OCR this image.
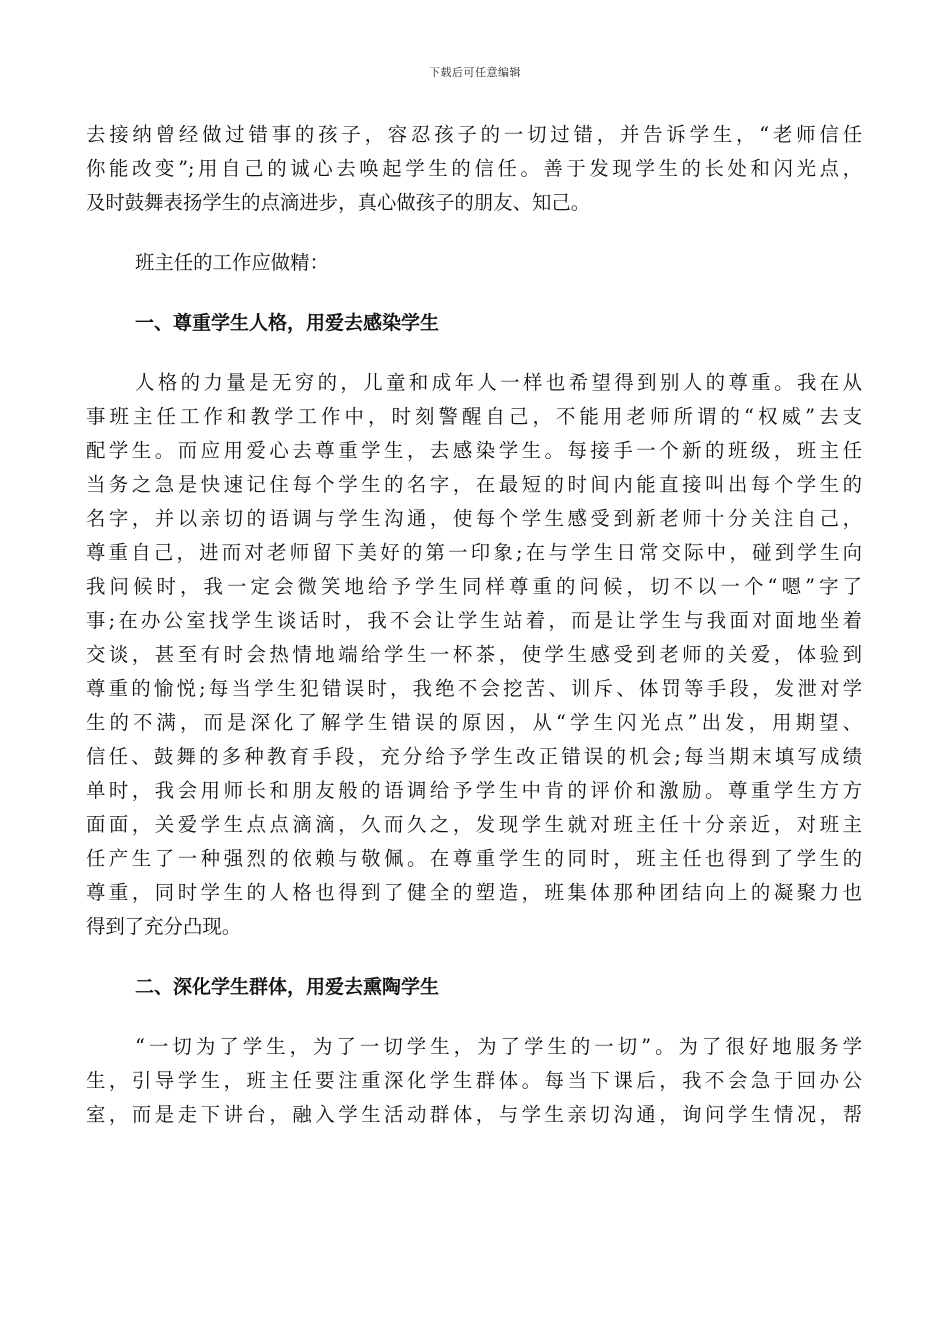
下载后可任意编辑
去接纳曾经做过错事的孩子，容忍孩子的一切过错，并告诉学生，“老师信任
你能改变”;用自己的诚心去唤起学生的信任。善于发现学生的长处和闪光点，
及时鼓舞表扬学生的点滴进步，真心做孩子的朋友、知己。
班主任的工作应做精：
一、尊重学生人格，用爱去感染学生
人格的力量是无穷的，儿童和成年人一样也希望得到别人的尊重。我在从
事班主任工作和教学工作中，时刻警醒自己，不能用老师所谓的“权威”去支
配学生。而应用爱心去尊重学生，去感染学生。每接手一个新的班级，班主任
当务之急是快速记住每个学生的名字，在最短的时间内能直接叫出每个学生的
名字，并以亲切的语调与学生沟通，使每个学生感受到新老师十分关注自己，
尊重自己，进而对老师留下美好的第一印象;在与学生日常交际中，碰到学生向
我问候时，我一定会微笑地给予学生同样尊重的问候，切不以一个“嗯”字了
事;在办公室找学生谈话时，我不会让学生站着，而是让学生与我面对面地坐着
交谈，甚至有时会热情地端给学生一杯茶，使学生感受到老师的关爱，体验到
尊重的愉悦;每当学生犯错误时，我绝不会挖苦、训斥、体罚等手段，发泄对学
生的不满，而是深化了解学生错误的原因，从“学生闪光点”出发，用期望、
信任、鼓舞的多种教育手段，充分给予学生改正错误的机会;每当期末填写成绩
单时，我会用师长和朋友般的语调给予学生中肯的评价和激励。尊重学生方方
面面，关爱学生点点滴滴，久而久之，发现学生就对班主任十分亲近，对班主
任产生了一种强烈的依赖与敬佩。在尊重学生的同时，班主任也得到了学生的
尊重，同时学生的人格也得到了健全的塑造，班集体那种团结向上的凝聚力也
得到了充分凸现。
二、深化学生群体，用爱去熏陶学生
“一切为了学生，为了一切学生，为了学生的一切”。为了很好地服务学
生，引导学生，班主任要注重深化学生群体。每当下课后，我不会急于回办公
室，而是走下讲台，融入学生活动群体，与学生亲切沟通，询问学生情况，帮
